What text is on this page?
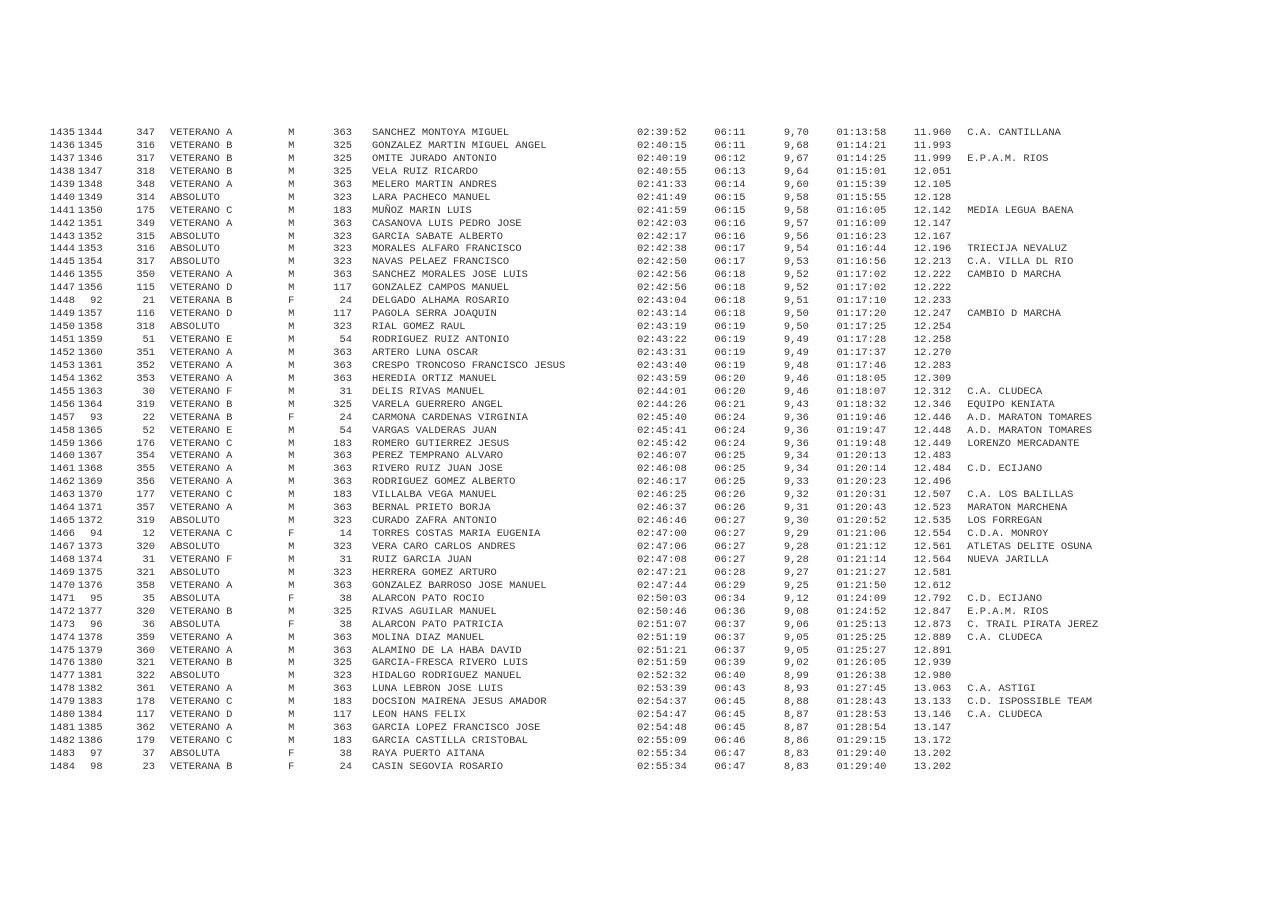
1435	1344	347	VETERANO A	M	363	SANCHEZ MONTOYA MIGUEL	02:39:52	06:11	9,70	01:13:58	11.960	C.A. CANTILLANA
1436	1345	316	VETERANO B	M	325	GONZALEZ MARTIN MIGUEL ANGEL	02:40:15	06:11	9,68	01:14:21	11.993	
1437	1346	317	VETERANO B	M	325	OMITE JURADO ANTONIO	02:40:19	06:12	9,67	01:14:25	11.999	E.P.A.M. RIOS
1438	1347	318	VETERANO B	M	325	VELA RUIZ RICARDO	02:40:55	06:13	9,64	01:15:01	12.051	
1439	1348	348	VETERANO A	M	363	MELERO MARTIN ANDRES	02:41:33	06:14	9,60	01:15:39	12.105	
1440	1349	314	ABSOLUTO	M	323	LARA PACHECO MANUEL	02:41:49	06:15	9,58	01:15:55	12.128	
1441	1350	175	VETERANO C	M	183	MUÑOZ MARIN LUIS	02:41:59	06:15	9,58	01:16:05	12.142	MEDIA LEGUA BAENA
1442	1351	349	VETERANO A	M	363	CASANOVA LUIS PEDRO JOSE	02:42:03	06:16	9,57	01:16:09	12.147	
1443	1352	315	ABSOLUTO	M	323	GARCIA SABATE ALBERTO	02:42:17	06:16	9,56	01:16:23	12.167	
1444	1353	316	ABSOLUTO	M	323	MORALES ALFARO FRANCISCO	02:42:38	06:17	9,54	01:16:44	12.196	TRIECIJA NEVALUZ
1445	1354	317	ABSOLUTO	M	323	NAVAS PELAEZ FRANCISCO	02:42:50	06:17	9,53	01:16:56	12.213	C.A. VILLA DL RIO
1446	1355	350	VETERANO A	M	363	SANCHEZ MORALES JOSE LUIS	02:42:56	06:18	9,52	01:17:02	12.222	CAMBIO D MARCHA
1447	1356	115	VETERANO D	M	117	GONZALEZ CAMPOS MANUEL	02:42:56	06:18	9,52	01:17:02	12.222	
1448	92	21	VETERANA B	F	24	DELGADO ALHAMA ROSARIO	02:43:04	06:18	9,51	01:17:10	12.233	
1449	1357	116	VETERANO D	M	117	PAGOLA SERRA JOAQUIN	02:43:14	06:18	9,50	01:17:20	12.247	CAMBIO D MARCHA
1450	1358	318	ABSOLUTO	M	323	RIAL GOMEZ RAUL	02:43:19	06:19	9,50	01:17:25	12.254	
1451	1359	51	VETERANO E	M	54	RODRIGUEZ RUIZ ANTONIO	02:43:22	06:19	9,49	01:17:28	12.258	
1452	1360	351	VETERANO A	M	363	ARTERO LUNA OSCAR	02:43:31	06:19	9,49	01:17:37	12.270	
1453	1361	352	VETERANO A	M	363	CRESPO TRONCOSO FRANCISCO JESUS	02:43:40	06:19	9,48	01:17:46	12.283	
1454	1362	353	VETERANO A	M	363	HEREDIA ORTIZ MANUEL	02:43:59	06:20	9,46	01:18:05	12.309	
1455	1363	30	VETERANO F	M	31	DELIS RIVAS MANUEL	02:44:01	06:20	9,46	01:18:07	12.312	C.A. CLUDECA
1456	1364	319	VETERANO B	M	325	VARELA GUERRERO ANGEL	02:44:26	06:21	9,43	01:18:32	12.346	EQUIPO KENIATA
1457	93	22	VETERANA B	F	24	CARMONA CARDENAS VIRGINIA	02:45:40	06:24	9,36	01:19:46	12.446	A.D. MARATON TOMARES
1458	1365	52	VETERANO E	M	54	VARGAS VALDERAS JUAN	02:45:41	06:24	9,36	01:19:47	12.448	A.D. MARATON TOMARES
1459	1366	176	VETERANO C	M	183	ROMERO GUTIERREZ JESUS	02:45:42	06:24	9,36	01:19:48	12.449	LORENZO MERCADANTE
1460	1367	354	VETERANO A	M	363	PEREZ TEMPRANO ALVARO	02:46:07	06:25	9,34	01:20:13	12.483	
1461	1368	355	VETERANO A	M	363	RIVERO RUIZ JUAN JOSE	02:46:08	06:25	9,34	01:20:14	12.484	C.D. ECIJANO
1462	1369	356	VETERANO A	M	363	RODRIGUEZ GOMEZ ALBERTO	02:46:17	06:25	9,33	01:20:23	12.496	
1463	1370	177	VETERANO C	M	183	VILLALBA VEGA MANUEL	02:46:25	06:26	9,32	01:20:31	12.507	C.A. LOS BALILLAS
1464	1371	357	VETERANO A	M	363	BERNAL PRIETO BORJA	02:46:37	06:26	9,31	01:20:43	12.523	MARATON MARCHENA
1465	1372	319	ABSOLUTO	M	323	CURADO ZAFRA ANTONIO	02:46:46	06:27	9,30	01:20:52	12.535	LOS FORREGAN
1466	94	12	VETERANA C	F	14	TORRES COSTAS MARIA EUGENIA	02:47:00	06:27	9,29	01:21:06	12.554	C.D.A. MONROY
1467	1373	320	ABSOLUTO	M	323	VERA CARO CARLOS ANDRES	02:47:06	06:27	9,28	01:21:12	12.561	ATLETAS DELITE OSUNA
1468	1374	31	VETERANO F	M	31	RUIZ GARCIA JUAN	02:47:08	06:27	9,28	01:21:14	12.564	NUEVA JARILLA
1469	1375	321	ABSOLUTO	M	323	HERRERA GOMEZ ARTURO	02:47:21	06:28	9,27	01:21:27	12.581	
1470	1376	358	VETERANO A	M	363	GONZALEZ BARROSO JOSE MANUEL	02:47:44	06:29	9,25	01:21:50	12.612	
1471	95	35	ABSOLUTA	F	38	ALARCON PATO ROCIO	02:50:03	06:34	9,12	01:24:09	12.792	C.D. ECIJANO
1472	1377	320	VETERANO B	M	325	RIVAS AGUILAR MANUEL	02:50:46	06:36	9,08	01:24:52	12.847	E.P.A.M. RIOS
1473	96	36	ABSOLUTA	F	38	ALARCON PATO PATRICIA	02:51:07	06:37	9,06	01:25:13	12.873	C. TRAIL PIRATA JEREZ
1474	1378	359	VETERANO A	M	363	MOLINA DIAZ MANUEL	02:51:19	06:37	9,05	01:25:25	12.889	C.A. CLUDECA
1475	1379	360	VETERANO A	M	363	ALAMINO DE LA HABA DAVID	02:51:21	06:37	9,05	01:25:27	12.891	
1476	1380	321	VETERANO B	M	325	GARCIA-FRESCA RIVERO LUIS	02:51:59	06:39	9,02	01:26:05	12.939	
1477	1381	322	ABSOLUTO	M	323	HIDALGO RODRIGUEZ MANUEL	02:52:32	06:40	8,99	01:26:38	12.980	
1478	1382	361	VETERANO A	M	363	LUNA LEBRON JOSE LUIS	02:53:39	06:43	8,93	01:27:45	13.063	C.A. ASTIGI
1479	1383	178	VETERANO C	M	183	DOCSION MAIRENA JESUS AMADOR	02:54:37	06:45	8,88	01:28:43	13.133	C.D. ISPOSSIBLE TEAM
1480	1384	117	VETERANO D	M	117	LEON HANS FELIX	02:54:47	06:45	8,87	01:28:53	13.146	C.A. CLUDECA
1481	1385	362	VETERANO A	M	363	GARCIA LOPEZ FRANCISCO JOSE	02:54:48	06:45	8,87	01:28:54	13.147	
1482	1386	179	VETERANO C	M	183	GARCIA CASTILLA CRISTOBAL	02:55:09	06:46	8,86	01:29:15	13.172	
1483	97	37	ABSOLUTA	F	38	RAYA PUERTO AITANA	02:55:34	06:47	8,83	01:29:40	13.202	
1484	98	23	VETERANA B	F	24	CASIN SEGOVIA ROSARIO	02:55:34	06:47	8,83	01:29:40	13.202	
